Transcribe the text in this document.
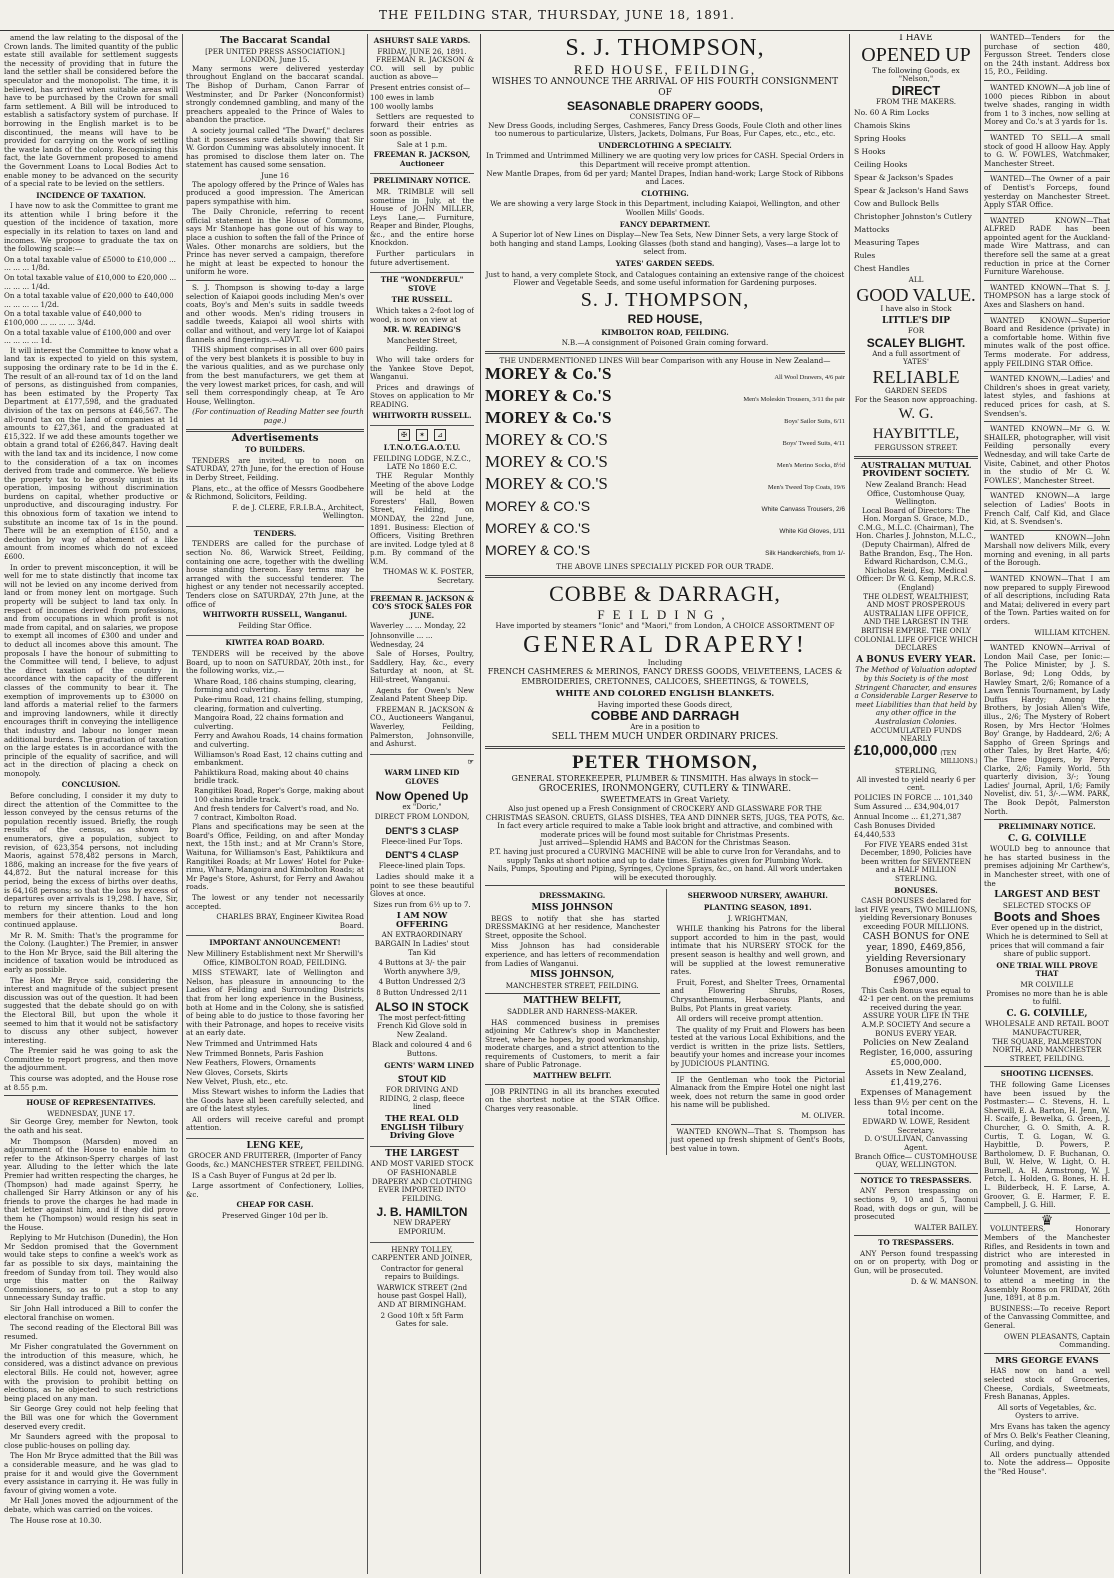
THE FEILDING STAR, THURSDAY, JUNE 18, 1891.

amend the law relating to the disposal of the Crown lands. The limited quantity of the public estate still available for settlement suggests the necessity of providing that in future the land the settler shall be considered before the speculator and the monopolist. The time, it is believed, has arrived when suitable areas will have to be purchased by the Crown for small farm settlement. A Bill will be introduced to establish a satisfactory system of purchase. If borrowing in the English market is to be discontinued, the means will have to be provided for carrying on the work of settling the waste lands of the colony. Recognising this fact, the late Government proposed to amend the Government Loans to Local Bodies Act to enable money to be advanced on the security of a special rate to be levied on the settlers.

INCIDENCE OF TAXATION.

I have now to ask the Committee to grant me its attention while I bring before it the question of the incidence of taxation, more especially in its relation to taxes on land and incomes. We propose to graduate the tax on the following scale:—

On a total taxable value of £5000 to £10,000 ... ... ... ... 1/8d.
On total taxable value of £10,000 to £20,000 ... ... ... ... 1/4d.
On a total taxable value of £20,000 to £40,000 ... ... ... ... 1/2d.
On a total taxable value of £40,000 to £100,000 ... ... ... ... 3/4d.
On a total taxable value of £100,000 and over ... ... ... ... 1d.

It will interest the Committee to know what a land tax is expected to yield on this system, supposing the ordinary rate to be 1d in the £. The result of an all-round tax of 1d on the land of persons, as distinguished from companies, has been estimated by the Property Tax Department at £177,598, and the graduated division of the tax on persons at £46,567. The all-round tax on the land of companies at 1d amounts to £27,361, and the graduated at £15,322. If we add these amounts together we obtain a grand total of £266,847. Having dealt with the land tax and its incidence, I now come to the consideration of a tax on incomes derived from trade and commerce. We believe the property tax to be grossly unjust in its operation, imposing without discrimination burdens on capital, whether productive or unproductive, and discouraging industry. For this obnoxious form of taxation we intend to substitute an income tax of 1s in the pound. There will be an exemption of £150, and a deduction by way of abatement of a like amount from incomes which do not exceed £600.

In order to prevent misconception, it will be well for me to state distinctly that income tax will not be levied on any income derived from land or from money lent on mortgage. Such property will be subject to land tax only. In respect of incomes derived from professions, and from occupations in which profit is not made from capital, and on salaries, we propose to exempt all incomes of £300 and under and to deduct all incomes above this amount. The proposals I have the honour of submitting to the Committee will tend, I believe, to adjust the direct taxation of the country in accordance with the capacity of the different classes of the community to bear it. The exemption of improvements up to £3000 on land affords a material relief to the farmers and improving landowners, while it directly encourages thrift in conveying the intelligence that industry and labour no longer mean additional burdens. The graduation of taxation on the large estates is in accordance with the principle of the equality of sacrifice, and will act in the direction of placing a check on monopoly.

CONCLUSION.

Before concluding, I consider it my duty to direct the attention of the Committee to the lesson conveyed by the census returns of the population recently issued. Briefly, the rough results of the census, as shown by enumerators, give a population, subject to revision, of 623,354 persons, not including Maoris, against 578,482 persons in March, 1886, making an increase for the five years of 44,872. But the natural increase for this period, being the excess of births over deaths, is 64,168 persons; so that the loss by excess of departures over arrivals is 19,298. I have, Sir, to return my sincere thanks to the hon members for their attention. Loud and long continued applause.

Mr R. M. Smith: That's the programme for the Colony. (Laughter.) The Premier, in answer to the Hon Mr Bryce, said the Bill altering the incidence of taxation would be introduced as early as possible.

The Hon Mr Bryce said, considering the interest and magnitude of the subject present discussion was out of the question. It had been suggested that the debate should go on with the Electoral Bill, but upon the whole it seemed to him that it would not be satisfactory to discuss any other subject, however interesting.

The Premier said he was going to ask the Committee to report progress, and then move the adjournment.

This course was adopted, and the House rose at 8.55 p.m.

HOUSE OF REPRESENTATIVES.
WEDNESDAY, JUNE 17.

Sir George Grey, member for Newton, took the oath and his seat.

Mr Thompson (Marsden) moved an adjournment of the House to enable him to refer to the Atkinson-Sperry charges of last year. Alluding to the letter which the late Premier had written respecting the charges, he (Thompson) had made against Sperry, he challenged Sir Harry Atkinson or any of his friends to prove the charges he had made in that letter against him, and if they did prove them he (Thompson) would resign his seat in the House.

Replying to Mr Hutchison (Dunedin), the Hon Mr Seddon promised that the Government would take steps to confine a week's work as far as possible to six days, maintaining the freedom of Sunday from toil. They would also urge this matter on the Railway Commissioners, so as to put a stop to any unnecessary Sunday traffic.

Sir John Hall introduced a Bill to confer the electoral franchise on women.

The second reading of the Electoral Bill was resumed.

Mr Fisher congratulated the Government on the introduction of this measure, which, he considered, was a distinct advance on previous electoral Bills. He could not, however, agree with the provision to prohibit betting on elections, as he objected to such restrictions being placed on any man.

Sir George Grey could not help feeling that the Bill was one for which the Government deserved every credit.

Mr Saunders agreed with the proposal to close public-houses on polling day.

The Hon Mr Bryce admitted that the Bill was a considerable measure, and he was glad to praise for it and would give the Government every assistance in carrying it. He was fully in favour of giving women a vote.

Mr Hall Jones moved the adjournment of the debate, which was carried on the voices.

The House rose at 10.30.

The Baccarat Scandal
[PER UNITED PRESS ASSOCIATION.]
LONDON, June 15.

Many sermons were delivered yesterday throughout England on the baccarat scandal. The Bishop of Durham, Canon Farrar of Westminster, and Dr Parker (Nonconformist) strongly condemned gambling, and many of the preachers appealed to the Prince of Wales to abandon the practice.

A society journal called "The Dwarf," declares that it possesses sure details showing that Sir W. Gordon Cumming was absolutely innocent. It has promised to disclose them later on. The statement has caused some sensation.

June 16

The apology offered by the Prince of Wales has produced a good impression. The American papers sympathise with him.

The Daily Chronicle, referring to recent official statement in the House of Commons, says Mr Stanhope has gone out of his way to place a cushion to soften the fall of the Prince of Wales. Other monarchs are soldiers, but the Prince has never served a campaign, therefore he might at least be expected to honour the uniform he wore.

S. J. Thompson is showing to-day a large selection of Kaiapoi goods including Men's over coats, Boy's and Men's suits in saddle tweeds and other woods. Men's riding trousers in saddle tweeds, Kaiapoi all wool shirts with collar and without, and very large lot of Kaiapoi flannels and fingerings.—ADVT.

THIS shipment comprises in all over 600 pairs of the very best blankets it is possible to buy in the various qualities, and as we purchase only from the best manufacturers, we get them at the very lowest market prices, for cash, and will sell them correspondingly cheap, at Te Aro House, Wellington.

(For continuation of Reading Matter see fourth page.)

Advertisements
TO BUILDERS.

TENDERS are invited, up to noon on SATURDAY, 27th June, for the erection of House in Derby Street, Feilding.

Plans, etc., at the office of Messrs Goodbehere & Richmond, Solicitors, Feilding.

F. de J. CLERE, F.R.I.B.A., Architect, Wellington.

TENDERS.

TENDERS are called for the purchase of section No. 86, Warwick Street, Feilding, containing one acre, together with the dwelling house standing thereon. Easy terms may be arranged with the successful tenderer. The highest or any tender not necessarily accepted. Tenders close on SATURDAY, 27th June, at the office of

WHITWORTH RUSSELL, Wanganui.

Feilding Star Office.

KIWITEA ROAD BOARD.

TENDERS will be received by the above Board, up to noon on SATURDAY, 20th inst., for the following works, viz.,—

Whare Road, 186 chains stumping, clearing, forming and culverting.
Puke-rimu Road, 121 chains felling, stumping, clearing, formation and culverting.
Mangoira Road, 22 chains formation and culverting.
Ferry and Awahou Roads, 14 chains formation and culverting.
Williamson's Road East, 12 chains cutting and embankment.
Pahiktikura Road, making about 40 chains bridle track.
Rangitikei Road, Roper's Gorge, making about 100 chains bridle track.
And fresh tenders for Calvert's road, and No. 7 contract, Kimbolton Road.

Plans and specifications may be seen at the Board's Office, Feilding, on and after Monday next, the 15th inst.; and at Mr Crann's Store, Waituna, for Williamson's East, Pahiktikura and Rangitikei Roads; at Mr Lowes' Hotel for Puke-rimu, Whare, Mangoira and Kimbolton Roads; at Mr Page's Store, Ashurst, for Ferry and Awahou roads.

The lowest or any tender not necessarily accepted.

CHARLES BRAY, Engineer Kiwitea Road Board.

IMPORTANT ANNOUNCEMENT!

New Millinery Establishment next Mr Sherwill's Office, KIMBOLTON ROAD, FEILDING.

MISS STEWART, late of Wellington and Nelson, has pleasure in announcing to the Ladies of Feilding and Surrounding Districts that from her long experience in the Business, both at Home and in the Colony, she is satisfied of being able to do justice to those favoring her with their Patronage, and hopes to receive visits at an early date.

New Trimmed and Untrimmed Hats
New Trimmed Bonnets, Paris Fashion
New Feathers, Flowers, Ornaments
New Gloves, Corsets, Skirts
New Velvet, Plush, etc., etc.

Miss Stewart wishes to inform the Ladies that the Goods have all been carefully selected, and are of the latest styles.

All orders will receive careful and prompt attention.

LENG KEE,

GROCER AND FRUITERER, (Importer of Fancy Goods, &c.) MANCHESTER STREET, FEILDING.

IS a Cash Buyer of Fungus at 2d per lb.

Large assortment of Confectionery, Lollies, &c.

CHEAP FOR CASH.

Preserved Ginger 10d per lb.

ASHURST SALE YARDS.
FRIDAY, JUNE 26, 1891.

FREEMAN R. JACKSON & CO. will sell by public auction as above—

Present entries consist of—
100 ewes in lamb
100 woolly lambs

Settlers are requested to forward their entries as soon as possible.

Sale at 1 p.m.

FREEMAN R. JACKSON, Auctioneer

PRELIMINARY NOTICE.

MR. TRIMBLE will sell sometime in July, at the House of JOHN MILLER, Leys Lane,— Furniture, Reaper and Binder, Ploughs, &c., and the entire horse Knockdon.

Further particulars in future advertisement.

THE "WONDERFUL" STOVE
THE RUSSELL.

Which takes a 2-foot log of wood, is now on view at

MR. W. READING'S

Manchester Street, Feilding.

Who will take orders for the Yankee Stove Depot, Wanganui.

Prices and drawings of Stoves on application to Mr READING.

WHITWORTH RUSSELL.

✠	✶	⊿
I.T.N.O.T.G.A.O.T.U.
FEILDING LODGE, N.Z.C., LATE No 1860 E.C.

THE Regular Monthly Meeting of the above Lodge will be held at the Foresters' Hall, Bowen Street, Feilding, on MONDAY, the 22nd June, 1891. Business: Election of Officers, Visiting Brethren are invited. Lodge tyled at 8 p.m. By command of the W.M.

THOMAS W. K. FOSTER, Secretary.

FREEMAN R. JACKSON & CO'S STOCK SALES FOR JUNE.
Waverley ... ... Monday, 22
Johnsonville ... ... Wednesday, 24

Sale of Horses, Poultry, Saddlery, Hay, &c., every Saturday at noon, at St. Hill-street, Wanganui.

Agents for Owen's New Zealand Patent Sheep Dip.

FREEMAN R. JACKSON & CO., Auctioneers Wanganui, Waverley, Feilding, Palmerston, Johnsonville, and Ashurst.

☞
WARM LINED KID GLOVES
Now Opened Up

ex "Doric,"

DIRECT FROM LONDON,

DENT'S 3 CLASP

Fleece-lined Fur Tops.

DENT'S 4 CLASP

Fleece-lined plain Tops.

Ladies should make it a point to see these beautiful Gloves at once.

Sizes run from 6½ up to 7.

I AM NOW OFFERING

AN EXTRAORDINARY BARGAIN In Ladies' stout Tan Kid

4 Buttons at 3/- the pair Worth anywhere 3/9,

4 Button Undressed 2/3

8 Button Undressed 2/11

ALSO IN STOCK

The most perfect-fitting French Kid Glove sold in New Zealand.

Black and coloured 4 and 6 Buttons.

GENTS' WARM LINED
STOUT KID

FOR DRIVING AND RIDING, 2 clasp, fleece lined

THE REAL OLD ENGLISH Tilbury Driving Glove
THE LARGEST

AND MOST VARIED STOCK OF FASHIONABLE DRAPERY AND CLOTHING EVER IMPORTED INTO FEILDING.

J. B. HAMILTON

NEW DRAPERY EMPORIUM.

HENRY TOLLEY, CARPENTER AND JOINER,

Contractor for general repairs to Buildings.

WARWICK STREET (2nd house past Gospel Hall), AND AT BIRMINGHAM.

2 Good 10ft x 5ft Farm Gates for sale.

S. J. THOMPSON,
RED HOUSE, FEILDING,
WISHES TO ANNOUNCE THE ARRIVAL OF HIS FOURTH CONSIGNMENT OF
SEASONABLE DRAPERY GOODS,
CONSISTING OF—
New Dress Goods, including Serges, Cashmeres, Fancy Dress Goods, Foule Cloth and other lines too numerous to particularize, Ulsters, Jackets, Dolmans, Fur Boas, Fur Capes, etc., etc., etc.
UNDERCLOTHING A SPECIALTY.
In Trimmed and Untrimmed Millinery we are quoting very low prices for CASH. Special Orders in this Department will receive prompt attention.
New Mantle Drapes, from 6d per yard; Mantel Drapes, Indian hand-work; Large Stock of Ribbons and Laces.
CLOTHING.
We are showing a very large Stock in this Department, including Kaiapoi, Wellington, and other Woollen Mills' Goods.
FANCY DEPARTMENT.
A Superior lot of New Lines on Display—New Tea Sets, New Dinner Sets, a very large Stock of both hanging and stand Lamps, Looking Glasses (both stand and hanging), Vases—a large lot to select from.
YATES' GARDEN SEEDS.
Just to hand, a very complete Stock, and Catalogues containing an extensive range of the choicest Flower and Vegetable Seeds, and some useful information for Gardening purposes.
S. J. THOMPSON,
RED HOUSE,
KIMBOLTON ROAD, FEILDING.
N.B.—A consignment of Poisoned Grain coming forward.
THE UNDERMENTIONED LINES Will bear Comparison with any House in New Zealand—
MOREY & Co.'S	All Wool Drawers, 4/6 pair
MOREY & Co.'S	Men's Moleskin Trousers, 3/11 the pair
MOREY & Co.'S	Boys' Sailor Suits, 6/11
MOREY & CO.'S	Boys' Tweed Suits, 4/11
MOREY & CO.'S	Men's Merino Socks, 8½d
MOREY & CO.'S	Men's Tweed Top Coats, 19/6
MOREY & CO.'S	White Canvass Trousers, 2/6
MOREY & CO.'S	White Kid Gloves, 1/11
MOREY & CO.'S	Silk Handkerchiefs, from 1/-
THE ABOVE LINES SPECIALLY PICKED FOR OUR TRADE.
COBBE & DARRAGH,
FEILDING,
Have imported by steamers "Ionic" and "Maori," from London, A CHOICE ASSORTMENT OF
GENERAL DRAPERY!
Including
FRENCH CASHMERES & MERINOS, FANCY DRESS GOODS, VELVETEENS, LACES & EMBROIDERIES, CRETONNES, CALICOES, SHEETINGS, & TOWELS,
WHITE AND COLORED ENGLISH BLANKETS.
Having imported these Goods direct,
COBBE AND DARRAGH
Are in a position to
SELL THEM MUCH UNDER ORDINARY PRICES.
PETER THOMSON,
GENERAL STOREKEEPER, PLUMBER & TINSMITH. Has always in stock—
GROCERIES, IRONMONGERY, CUTLERY & TINWARE.
SWEETMEATS in Great Variety.
Also just opened up a Fresh Consignment of CROCKERY AND GLASSWARE FOR THE CHRISTMAS SEASON. CRUETS, GLASS DISHES, TEA AND DINNER SETS, JUGS, TEA POTS, &c.
In fact every article required to make a Table look bright and attractive, and combined with moderate prices will be found most suitable for Christmas Presents.
Just arrived—Splendid HAMS and BACON for the Christmas Season.
P.T. having just procured a CURVING MACHINE will be able to curve Iron for Verandahs, and to supply Tanks at short notice and up to date times. Estimates given for Plumbing Work.
Nails, Pumps, Spouting and Piping, Syringes, Cyclone Sprays, &c., on hand. All work undertaken will be executed thoroughly.
DRESSMAKING.
MISS JOHNSON

BEGS to notify that she has started DRESSMAKING at her residence, Manchester Street, opposite the School.

Miss Johnson has had considerable experience, and has letters of recommendation from Ladies of Wanganui.

MISS JOHNSON,

MANCHESTER STREET, FEILDING.

MATTHEW BELFIT,

SADDLER AND HARNESS-MAKER.

HAS commenced business in premises adjoining Mr Cathrew's shop in Manchester Street, where he hopes, by good workmanship, moderate charges, and a strict attention to the requirements of Customers, to merit a fair share of Public Patronage.

MATTHEW BELFIT.

JOB PRINTING in all its branches executed on the shortest notice at the STAR Office. Charges very reasonable.

SHERWOOD NURSERY, AWAHURI.
PLANTING SEASON, 1891.

J. WRIGHTMAN,

WHILE thanking his Patrons for the liberal support accorded to him in the past, would intimate that his NURSERY STOCK for the present season is healthy and well grown, and will be supplied at the lowest remunerative rates.

Fruit, Forest, and Shelter Trees, Ornamental and Flowering Shrubs, Roses, Chrysanthemums, Herbaceous Plants, and Bulbs, Pot Plants in great variety.

All orders will receive prompt attention.

The quality of my Fruit and Flowers has been tested at the various Local Exhibitions, and the verdict is written in the prize lists. Settlers, beautify your homes and increase your incomes by JUDICIOUS PLANTING.

IF the Gentleman who took the Pictorial Almanack from the Empire Hotel one night last week, does not return the same in good order his name will be published.

M. OLIVER.

WANTED KNOWN—That S. Thompson has just opened up fresh shipment of Gent's Boots, best value in town.

I HAVE
OPENED UP
The following Goods, ex "Nelson,"
DIRECT
FROM THE MAKERS.
No. 60 A Rim Locks
Chamois Skins
Spring Hooks
S Hooks
Ceiling Hooks
Spear & Jackson's Spades
Spear & Jackson's Hand Saws
Cow and Bullock Bells
Christopher Johnston's Cutlery
Mattocks
Measuring Tapes
Rules
Chest Handles
ALL
GOOD VALUE.
I have also in Stock
LITTLE'S DIP
FOR
SCALEY BLIGHT.
And a full assortment of
YATES'
RELIABLE
GARDEN SEEDS
For the Season now approaching.
W. G. HAYBITTLE,
FERGUSSON STREET.
AUSTRALIAN MUTUAL PROVIDENT SOCIETY.
New Zealand Branch: Head Office, Customhouse Quay, Wellington.
Local Board of Directors: The Hon. Morgan S. Grace, M.D., C.M.G., M.L.C. (Chairman), The Hon. Charles J. Johnston, M.L.C., (Deputy Chairman), Alfred de Bathe Brandon, Esq., The Hon. Edward Richardson, C.M.G., Nicholas Reid, Esq. Medical Officer: Dr W. G. Kemp, M.R.C.S. (England)
THE OLDEST, WEALTHIEST, AND MOST PROSPEROUS AUSTRALIAN LIFE OFFICE, AND THE LARGEST IN THE BRITISH EMPIRE. THE ONLY COLONIAL LIFE OFFICE WHICH DECLARES
A BONUS EVERY YEAR.
The Method of Valuation adopted by this Society is of the most Stringent Character, and ensures a Considerable Larger Reserve to meet Liabilities than that held by any other office in the Australasian Colonies.
ACCUMULATED FUNDS
NEARLY
£10,000,000 (TEN MILLIONS.)
STERLING,
All invested to yield nearly 6 per cent.
POLICIES IN FORCE ... 101,340
Sum Assured ... £34,904,017
Annual Income ... £1,271,387
Cash Bonuses Divided £4,440,533
For FIVE YEARS ended 31st December, 1890, Policies have been written for SEVENTEEN and a HALF MILLION STERLING.
BONUSES.
CASH BONUSES declared for last FIVE years, TWO MILLIONS, yielding Reversionary Bonuses exceeding FOUR MILLIONS.
CASH BONUS for ONE year, 1890, £469,856, yielding Reversionary Bonuses amounting to £967,000.
This Cash Bonus was equal to 42·1 per cent. on the premiums received during the year.
ASSURE YOUR LIFE IN THE A.M.P. SOCIETY And secure a BONUS EVERY YEAR.
Policies on New Zealand Register, 16,000, assuring £5,000,000.
Assets in New Zealand, £1,419,276.
Expenses of Management less than 9½ per cent on the total income.
EDWARD W. LOWE, Resident Secretary.
D. O'SULLIVAN, Canvassing Agent.
Branch Office— CUSTOMHOUSE QUAY, WELLINGTON.
NOTICE TO TRESPASSERS.

ANY Person trespassing on sections 9, 10 and 5, Taonui Road, with dogs or gun, will be prosecuted

WALTER BAILEY.

TO TRESPASSERS.

ANY Person found trespassing on or on property, with Dog or Gun, will be prosecuted.

D. & W. MANSON.

WANTED—Tenders for the purchase of section 480, Fergusson Street. Tenders close on the 24th instant. Address box 15, P.O., Feilding.

WANTED KNOWN—A job line of 1000 pieces Ribbon in about twelve shades, ranging in width from 1 to 3 inches, now selling at Morey and Co.'s at 3 yards for 1s.

WANTED TO SELL—A small stock of good H alloow Hay. Apply to G. W. FOWLES, Watchmaker, Manchester Street.

WANTED—The Owner of a pair of Dentist's Forceps, found yesterday on Manchester Street. Apply STAR Office.

WANTED KNOWN—That ALFRED RADE has been appointed agent for the Auckland-made Wire Mattrass, and can therefore sell the same at a great reduction in price at the Corner Furniture Warehouse.

WANTED KNOWN—That S. J. THOMPSON has a large stock of Axes and Slashers on hand.

WANTED KNOWN—Superior Board and Residence (private) in a comfortable home. Within five minutes walk of the post office. Terms moderate. For address, apply FEILDING STAR Office.

WANTED KNOWN,—Ladies' and Children's shoes in great variety, latest styles, and fashions at reduced prices for cash, at S. Svendsen's.

WANTED KNOWN—Mr G. W. SHAILER, photographer, will visit Feilding personally every Wednesday, and will take Carte de Visite, Cabinet, and other Photos in the studio of Mr G. W. FOWLES', Manchester Street.

WANTED KNOWN—A large selection of Ladies' Boots in French Calf, Calf Kid, and Glace Kid, at S. Svendsen's.

WANTED KNOWN—John Marshall now delivers Milk, every morning and evening, in all parts of the Borough.

WANTED KNOWN—That I am now prepared to supply Firewood of all descriptions, including Rata and Matai; delivered in every part of the Town. Parties waited on for orders.

WILLIAM KITCHEN.

WANTED KNOWN—Arrival of London Mail Case, per Ionic:—The Police Minister, by J. S. Borlase, 9d; Long Odds, by Hawley Smart, 2/6; Romance of a Lawn Tennis Tournament, by Lady Duffus Hardy; Among the Brothers, by Josiah Allen's Wife, illus., 2/6; The Mystery of Robert Rosen, by Mrs Hector 'Holmes Boy' Grange, by Haddeard, 2/6; A Sappho of Green Springs and other Tales, by Bret Harte, 4/6; The Three Diggers, by Percy Clarke, 2/6; Family World, 5th quarterly division, 3/-; Young Ladies' Journal, April, 1/6; Family Novelist, div. 51, 3/-.—WM. PARK, The Book Depôt, Palmerston North.

PRELIMINARY NOTICE.
C. G. COLVILLE

WOULD beg to announce that he has started business in the premises adjoining Mr Carthew's, in Manchester street, with one of the

LARGEST AND BEST
SELECTED STOCKS OF
Boots and Shoes
Ever opened up in the district, Which he is determined to Sell at prices that will command a fair share of public support.
ONE TRIAL WILL PROVE THAT
MR COLVILLE
Promises no more than he is able to fulfil.
C. G. COLVILLE,
WHOLESALE AND RETAIL BOOT MANUFACTURER,
THE SQUARE, PALMERSTON NORTH, AND MANCHESTER STREET, FEILDING.
SHOOTING LICENSES.

THE following Game Licenses have been issued by the Postmaster:— C. Stevens, H. L. Sherwill, E. A. Barton, H. Jenn, W. H. Scaife, J. Bewelka, G. Green, J. Churcher, G. O. Smith, A. R. Curtis, T. G. Logan, W. G. Haybittle, D. Powers, P. Bartholomew, D. F. Buchanan, O. Bull, W. Helve, W. Light, O. H. Burnell, A. H. Armstrong, W. J. Fetch, L. Holden, G. Bones, H. H. L. Bilderbeck, H. F. Larse, A. Groover, G. E. Harmer, F. E. Campbell, J. G. Hill.

♛

VOLUNTEERS, Honorary Members of the Manchester Rifles, and Residents in town and district who are interested in promoting and assisting in the Volunteer Movement, are invited to attend a meeting in the Assembly Rooms on FRIDAY, 26th June, 1891, at 8 p.m.

BUSINESS:—To receive Report of the Canvassing Committee, and General.

OWEN PLEASANTS, Captain Commanding.

MRS GEORGE EVANS

HAS now on hand a well selected stock of Groceries, Cheese, Cordials, Sweetmeats, Fresh Bananas, Apples.

All sorts of Vegetables, &c. Oysters to arrive.

Mrs Evans has taken the agency of Mrs O. Belk's Feather Cleaning, Curling, and dying.

All orders punctually attended to. Note the address— Opposite the "Red House".
